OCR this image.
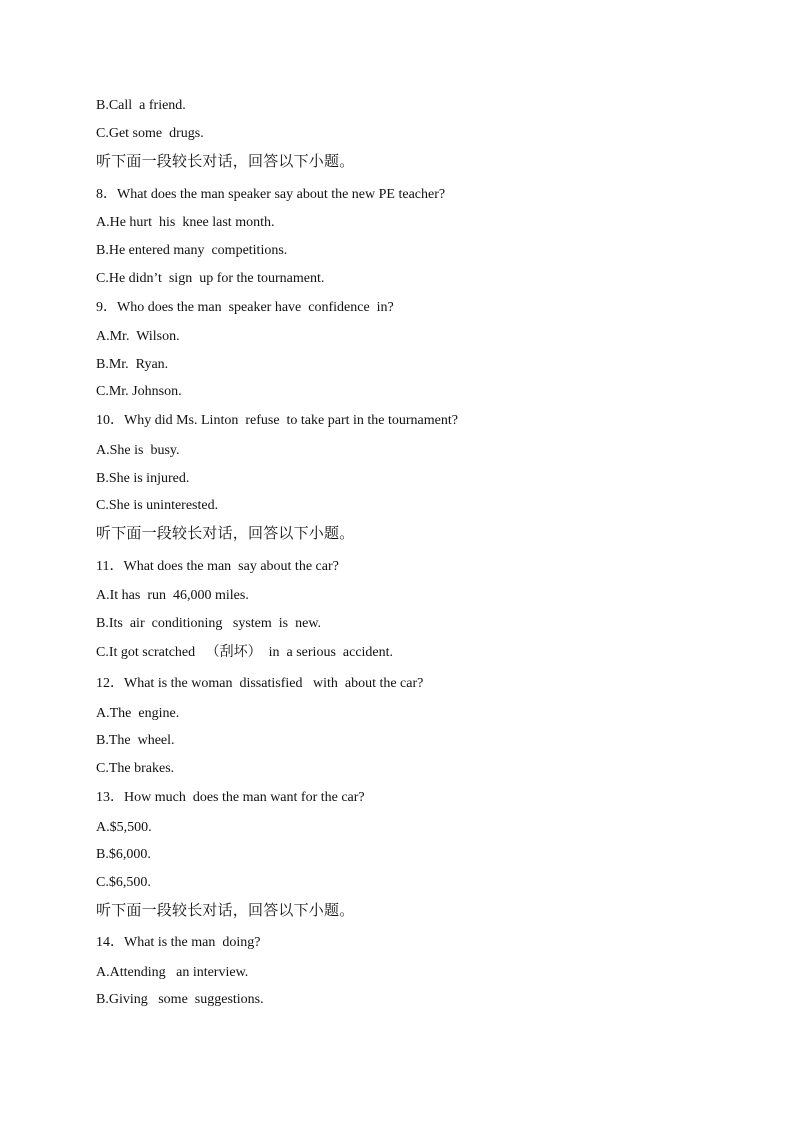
B.Call  a friend.
C.Get some  drugs.
听下面一段较长对话，回答以下小题。
8．What does the man speaker say about the new PE teacher?
A.He hurt  his  knee last month.
B.He entered many  competitions.
C.He didn’t  sign  up for the tournament.
9．Who does the man  speaker have  confidence  in?
A.Mr.  Wilson.
B.Mr.  Ryan.
C.Mr. Johnson.
10．Why did Ms. Linton  refuse  to take part in the tournament?
A.She is  busy.
B.She is injured.
C.She is uninterested.
听下面一段较长对话，回答以下小题。
11．What does the man  say about the car?
A.It has  run  46,000 miles.
B.Its  air  conditioning   system  is  new.
C.It got scratched   （刮坏）  in  a serious  accident.
12．What is the woman  dissatisfied   with  about the car?
A.The  engine.
B.The  wheel.
C.The brakes.
13．How much  does the man want for the car?
A.$5,500.
B.$6,000.
C.$6,500.
听下面一段较长对话，回答以下小题。
14．What is the man  doing?
A.Attending   an interview.
B.Giving   some  suggestions.
